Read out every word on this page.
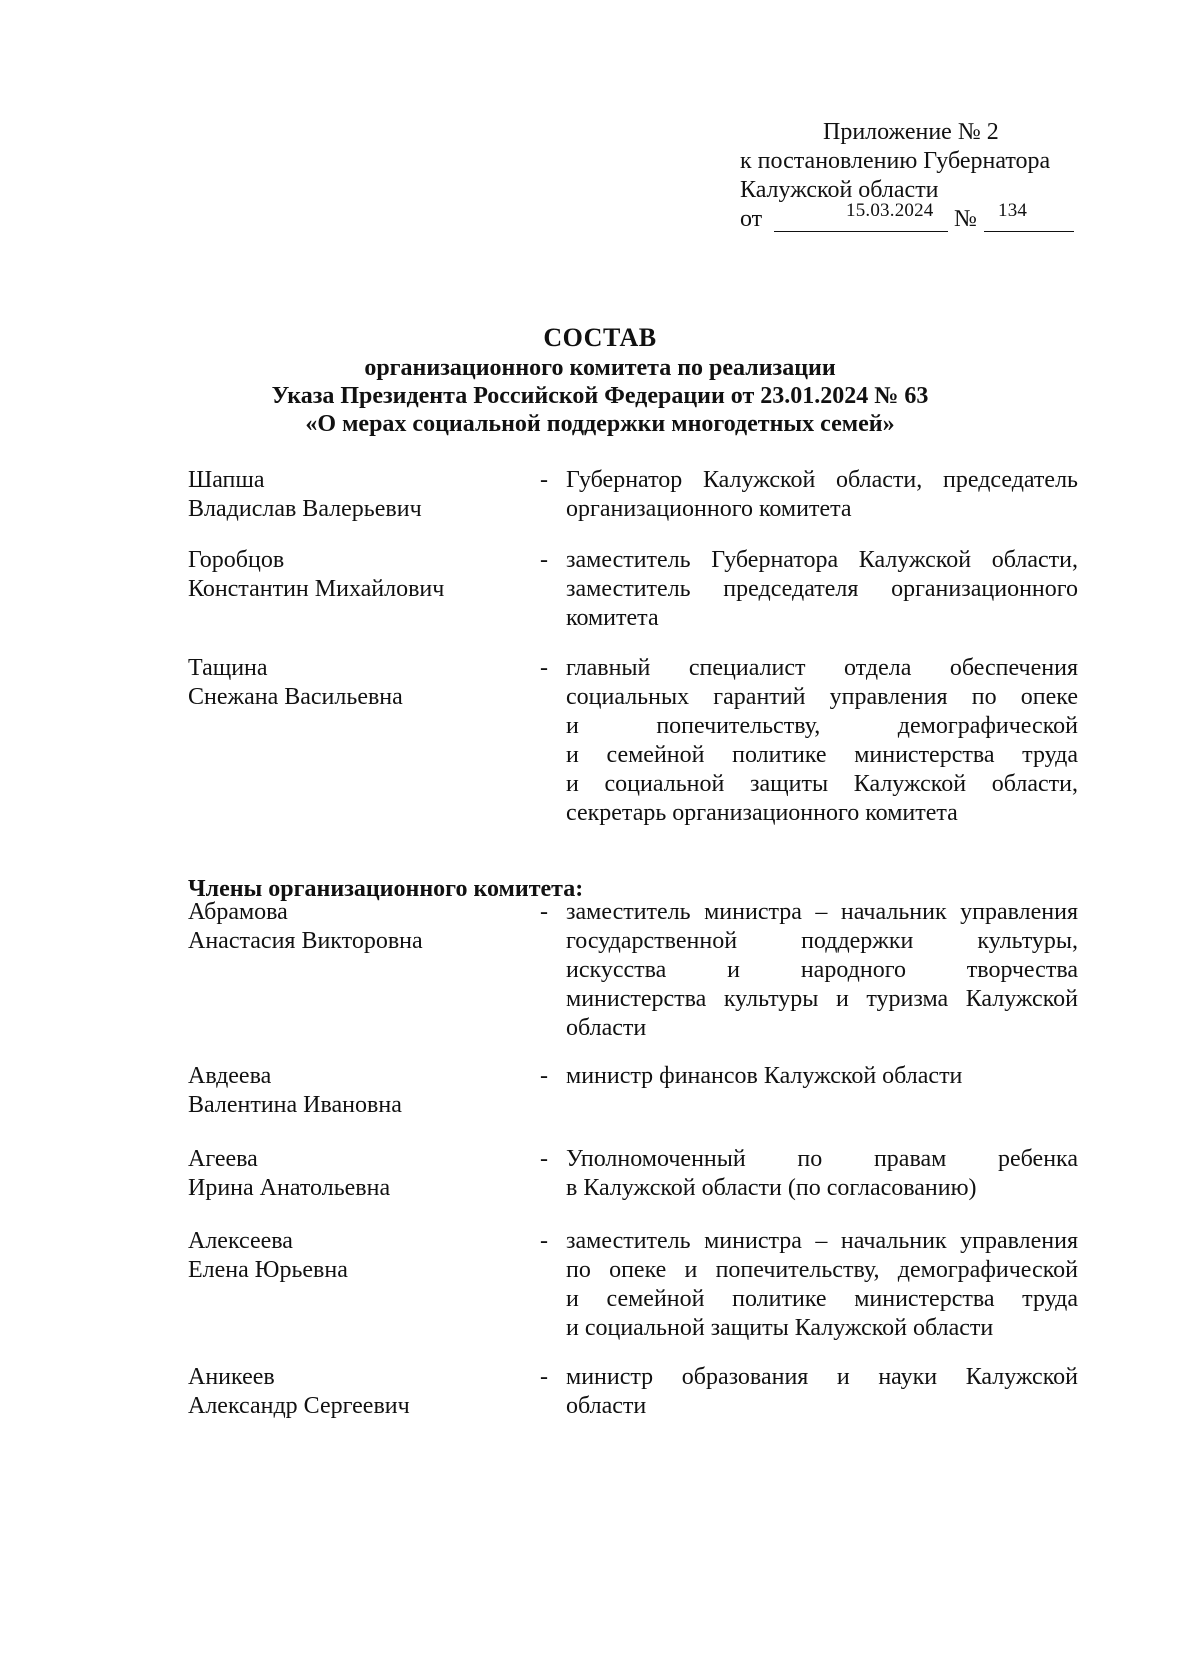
Приложение № 2
к постановлению Губернатора
Калужской области
от	15.03.2024 № 134
СОСТАВ
организационного комитета по реализации
Указа Президента Российской Федерации от 23.01.2024 № 63
«О мерах социальной поддержки многодетных семей»
Шапша
Владислав Валерьевич
- Губернатор Калужской области, председатель
организационного комитета
Горобцов
Константин Михайлович
- заместитель Губернатора Калужской области,
заместитель председателя организационного
комитета
Тащина
Снежана Васильевна
- главный специалист отдела обеспечения
социальных гарантий управления по опеке
и попечительству, демографической
и семейной политике министерства труда
и социальной защиты Калужской области,
секретарь организационного комитета
Члены организационного комитета:
Абрамова
Анастасия Викторовна
- заместитель министра – начальник управления
государственной поддержки культуры,
искусства и народного творчества
министерства культуры и туризма Калужской
области
Авдеева
Валентина Ивановна
- министр финансов Калужской области
Агеева
Ирина Анатольевна
- Уполномоченный по правам ребенка
в Калужской области (по согласованию)
Алексеева
Елена Юрьевна
- заместитель министра – начальник управления
по опеке и попечительству, демографической
и семейной политике министерства труда
и социальной защиты Калужской области
Аникеев
Александр Сергеевич
- министр образования и науки Калужской
области
